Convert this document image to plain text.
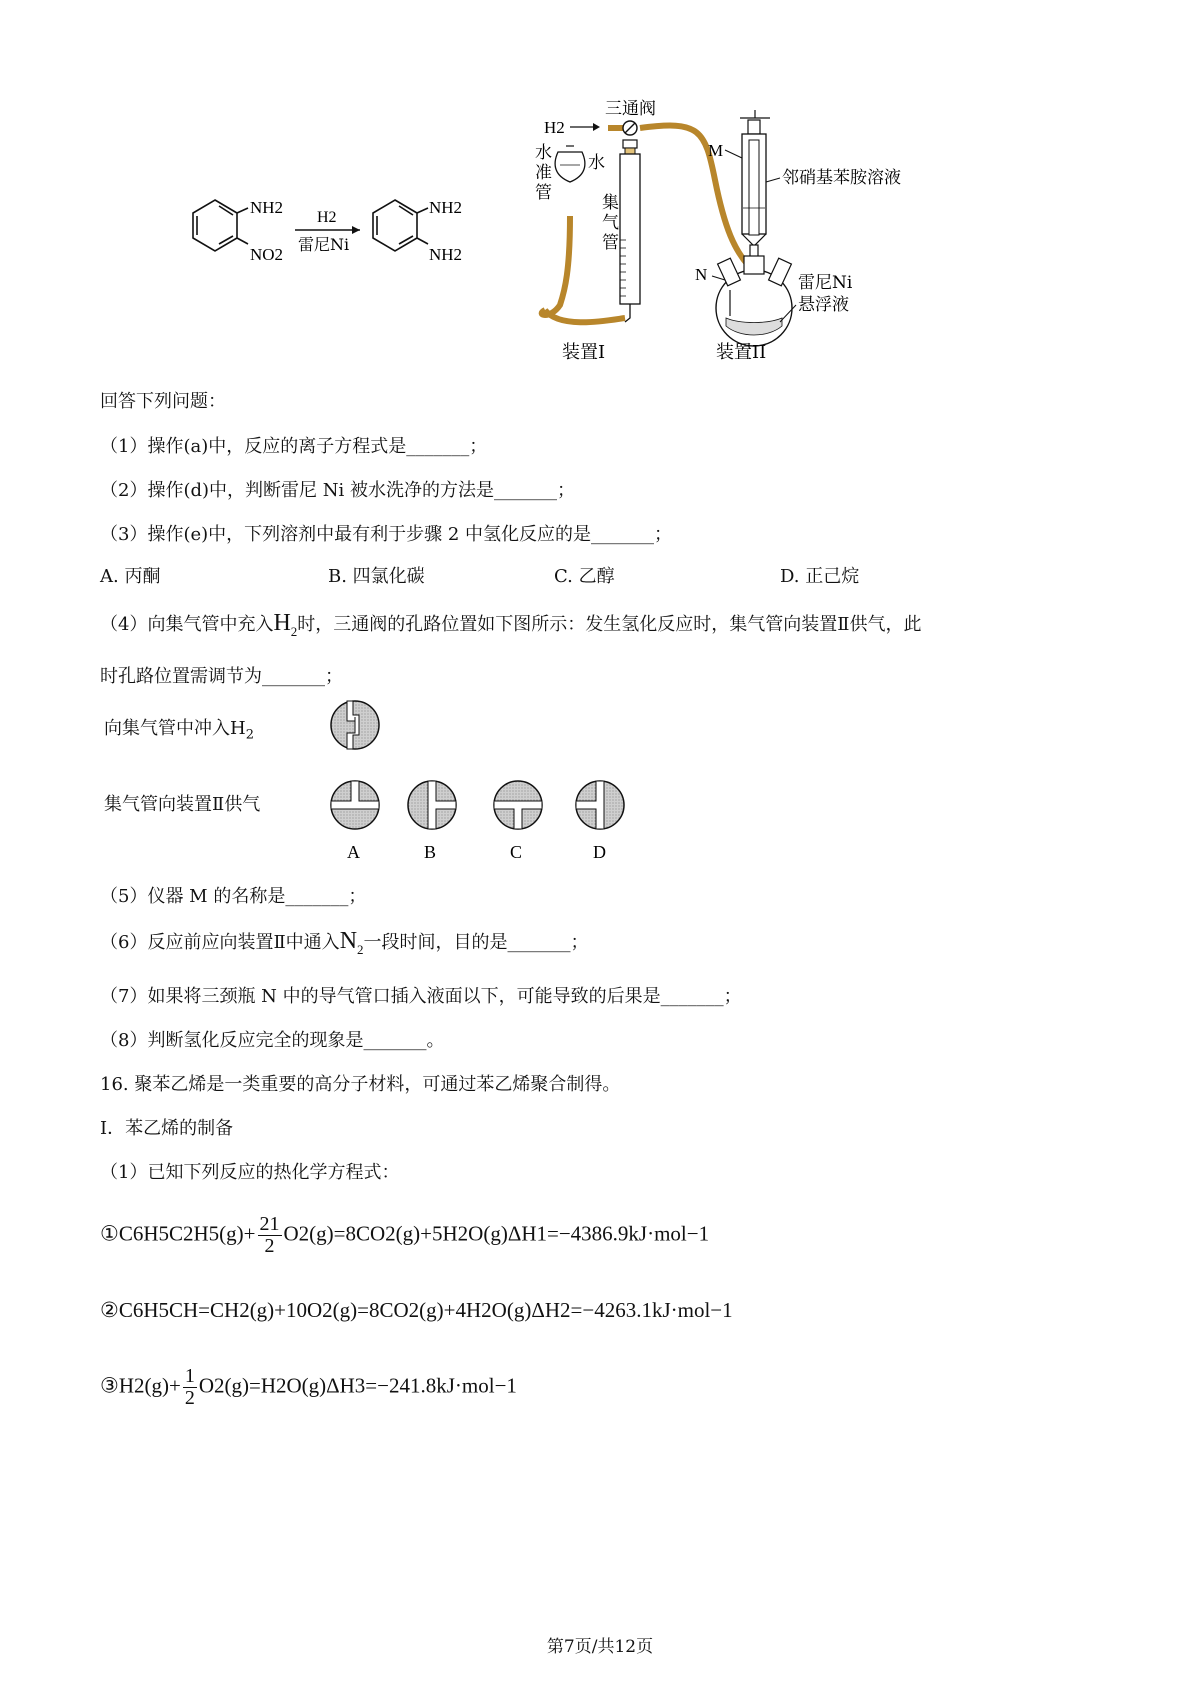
NH2
NO2
H2
雷尼Ni
NH2
NH2
H2
三通阀
集
气
管
水
准
管
水
M
邻硝基苯胺溶液
N	雷尼Ni
悬浮液
装置I	装置II
回答下列问题：
（1）操作(a)中，反应的离子方程式是_______；
（2）操作(d)中，判断雷尼 Ni 被水洗净的方法是_______；
（3）操作(e)中，下列溶剂中最有利于步骤 2 中氢化反应的是_______；
A. 丙酮	B. 四氯化碳	C. 乙醇	D. 正己烷
（4）向集气管中充入$H_2$时，三通阀的孔路位置如下图所示：发生氢化反应时，集气管向装置Ⅱ供气，此
时孔路位置需调节为_______；
向集气管中冲入$H_2$
集气管向装置Ⅱ供气
A	B	C	D
（5）仪器 M 的名称是_______；
（6）反应前应向装置Ⅱ中通入$N_2$一段时间，目的是_______；
（7）如果将三颈瓶 N 中的导气管口插入液面以下，可能导致的后果是_______；
（8）判断氢化反应完全的现象是_______。
16. 聚苯乙烯是一类重要的高分子材料，可通过苯乙烯聚合制得。
I．苯乙烯的制备
（1）已知下列反应的热化学方程式：
①C6H5C2H5(g)+ $\frac{21}{2} O2(g)=8CO2(g)+5H2O(g)\Delta H1=-4386.9kJ\cdot mol-1$
②C6H5CH=CH2(g)+10O2(g)=8CO2(g)+4H2O(g)ΔH2=−4263.1kJ·mol−1
③H2(g)+ $\frac{1}{2} O2(g)=H2O(g)\Delta H3=-241.8kJ\cdot mol-1$
第7页/共12页
